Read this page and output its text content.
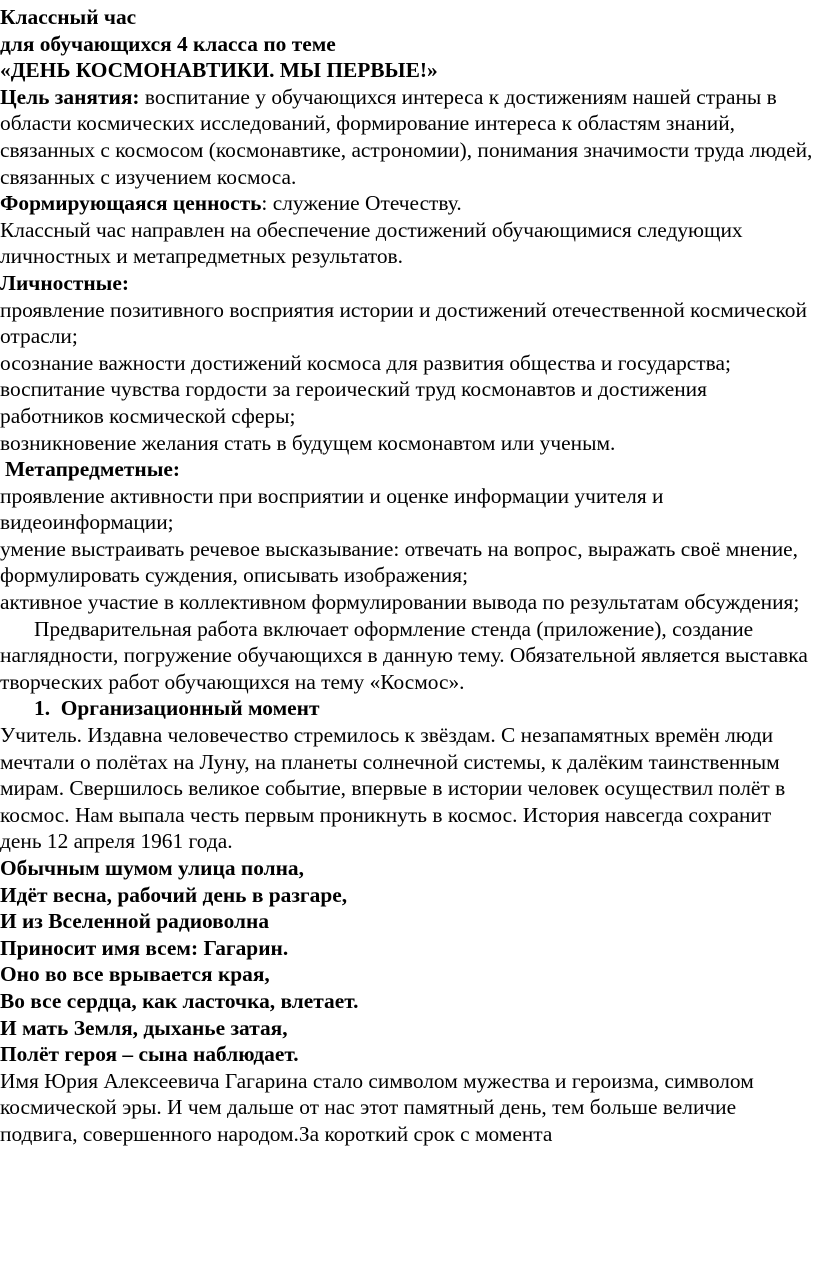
Классный час

для обучающихся 4 класса по теме

«ДЕНЬ КОСМОНАВТИКИ. МЫ ПЕРВЫЕ!»

Цель занятия: воспитание у обучающихся интереса к достижениям нашей страны в области космических исследований, формирование интереса к областям знаний, связанных с космосом (космонавтике, астрономии), понимания значимости труда людей, связанных с изучением космоса.

Формирующаяся ценность: служение Отечеству.

Классный час направлен на обеспечение достижений обучающимися следующих личностных и метапредметных результатов.

Личностные:

проявление позитивного восприятия истории и достижений отечественной космической отрасли;

осознание важности достижений космоса для развития общества и государства;

воспитание чувства гордости за героический труд космонавтов и достижения работников космической сферы;

возникновение желания стать в будущем космонавтом или ученым.

Метапредметные:

проявление активности при восприятии и оценке информации учителя и видеоинформации;

умение выстраивать речевое высказывание: отвечать на вопрос, выражать своё мнение, формулировать суждения, описывать изображения;

активное участие в коллективном формулировании вывода по результатам обсуждения;

Предварительная работа включает оформление стенда (приложение), создание наглядности, погружение обучающихся в данную тему. Обязательной является выставка творческих работ обучающихся на тему «Космос».

1. Организационный момент

Учитель. Издавна человечество стремилось к звёздам. С незапамятных времён люди мечтали о полётах на Луну, на планеты солнечной системы, к далёким таинственным мирам. Свершилось великое событие, впервые в истории человек осуществил полёт в космос. Нам выпала честь первым проникнуть в космос. История навсегда сохранит день 12 апреля 1961 года.

Обычным шумом улица полна,

Идёт весна, рабочий день в разгаре,

И из Вселенной радиоволна

Приносит имя всем: Гагарин.

Оно во все врывается края,

Во все сердца, как ласточка, влетает.

И мать Земля, дыханье затая,

Полёт героя – сына наблюдает.

Имя Юрия Алексеевича Гагарина стало символом мужества и героизма, символом космической эры. И чем дальше от нас этот памятный день, тем больше величие подвига, совершенного народом.За короткий срок с момента
